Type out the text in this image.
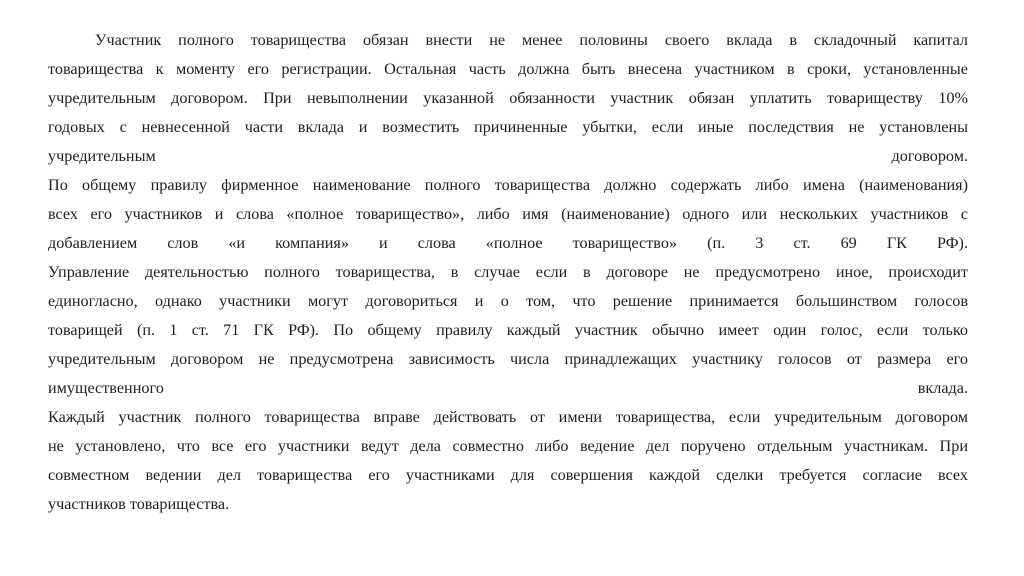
Участник полного товарищества обязан внести не менее половины своего вклада в складочный капитал
товарищества к моменту его регистрации. Остальная часть должна быть внесена участником в сроки, установленные
учредительным договором. При невыполнении указанной обязанности участник обязан уплатить товариществу 10%
годовых с невнесенной части вклада и возместить причиненные убытки, если иные последствия не установлены
учредительным договором.
По общему правилу фирменное наименование полного товарищества должно содержать либо имена (наименования)
всех его участников и слова «полное товарищество», либо имя (наименование) одного или нескольких участников с
добавлением слов «и компания» и слова «полное товарищество» (п. 3 ст. 69 ГК РФ).
Управление деятельностью полного товарищества, в случае если в договоре не предусмотрено иное, происходит
единогласно, однако участники могут договориться и о том, что решение принимается большинством голосов
товарищей (п. 1 ст. 71 ГК РФ). По общему правилу каждый участник обычно имеет один голос, если только
учредительным договором не предусмотрена зависимость числа принадлежащих участнику голосов от размера его
имущественного вклада.
Каждый участник полного товарищества вправе действовать от имени товарищества, если учредительным договором
не установлено, что все его участники ведут дела совместно либо ведение дел поручено отдельным участникам. При
совместном ведении дел товарищества его участниками для совершения каждой сделки требуется согласие всех
участников товарищества.
